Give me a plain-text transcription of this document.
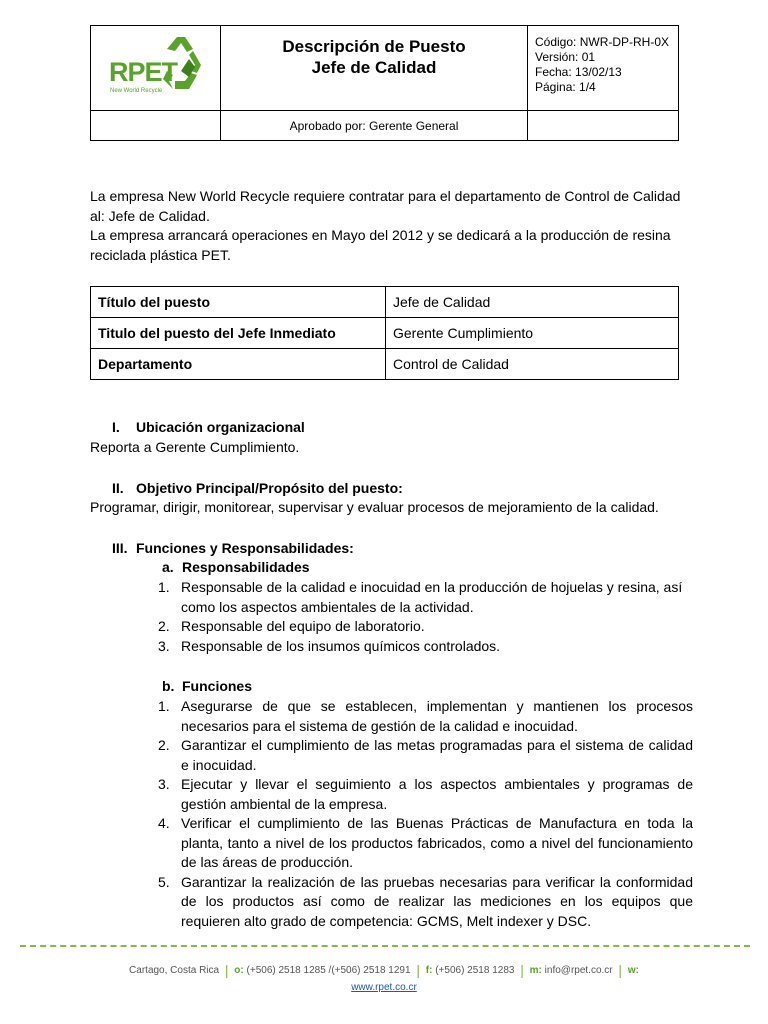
RPET
New World Recycle
Descripción de Puesto
Jefe de Calidad
Código: NWR-DP-RH-0X
Versión: 01
Fecha: 13/02/13
Página: 1/4
Aprobado por: Gerente General
La empresa New World Recycle requiere contratar para el departamento de Control de Calidad al: Jefe de Calidad.
La empresa arrancará operaciones en Mayo del 2012 y se dedicará a la producción de resina reciclada plástica PET.
Título del puesto	Jefe de Calidad
Titulo del puesto del Jefe Inmediato	Gerente Cumplimiento
Departamento	Control de Calidad
I. Ubicación organizacional
Reporta a Gerente Cumplimiento.
II. Objetivo Principal/Propósito del puesto:
Programar, dirigir, monitorear, supervisar y evaluar procesos de mejoramiento de la calidad.
III. Funciones y Responsabilidades:
a. Responsabilidades
1. Responsable de la calidad e inocuidad en la producción de hojuelas y resina, así como los aspectos ambientales de la actividad.
2. Responsable del equipo de laboratorio.
3. Responsable de los insumos químicos controlados.
b. Funciones
1. Asegurarse de que se establecen, implementan y mantienen los procesos necesarios para el sistema de gestión de la calidad e inocuidad.
2. Garantizar el cumplimiento de las metas programadas para el sistema de calidad e inocuidad.
3. Ejecutar y llevar el seguimiento a los aspectos ambientales y programas de gestión ambiental de la empresa.
4. Verificar el cumplimiento de las Buenas Prácticas de Manufactura en toda la planta, tanto a nivel de los productos fabricados, como a nivel del funcionamiento de las áreas de producción.
5. Garantizar la realización de las pruebas necesarias para verificar la conformidad de los productos así como de realizar las mediciones en los equipos que requieren alto grado de competencia: GCMS, Melt indexer y DSC.
Cartago, Costa Rica | o: (+506) 2518 1285 /(+506) 2518 1291 | f: (+506) 2518 1283 | m: info@rpet.co.cr | w:
www.rpet.co.cr
